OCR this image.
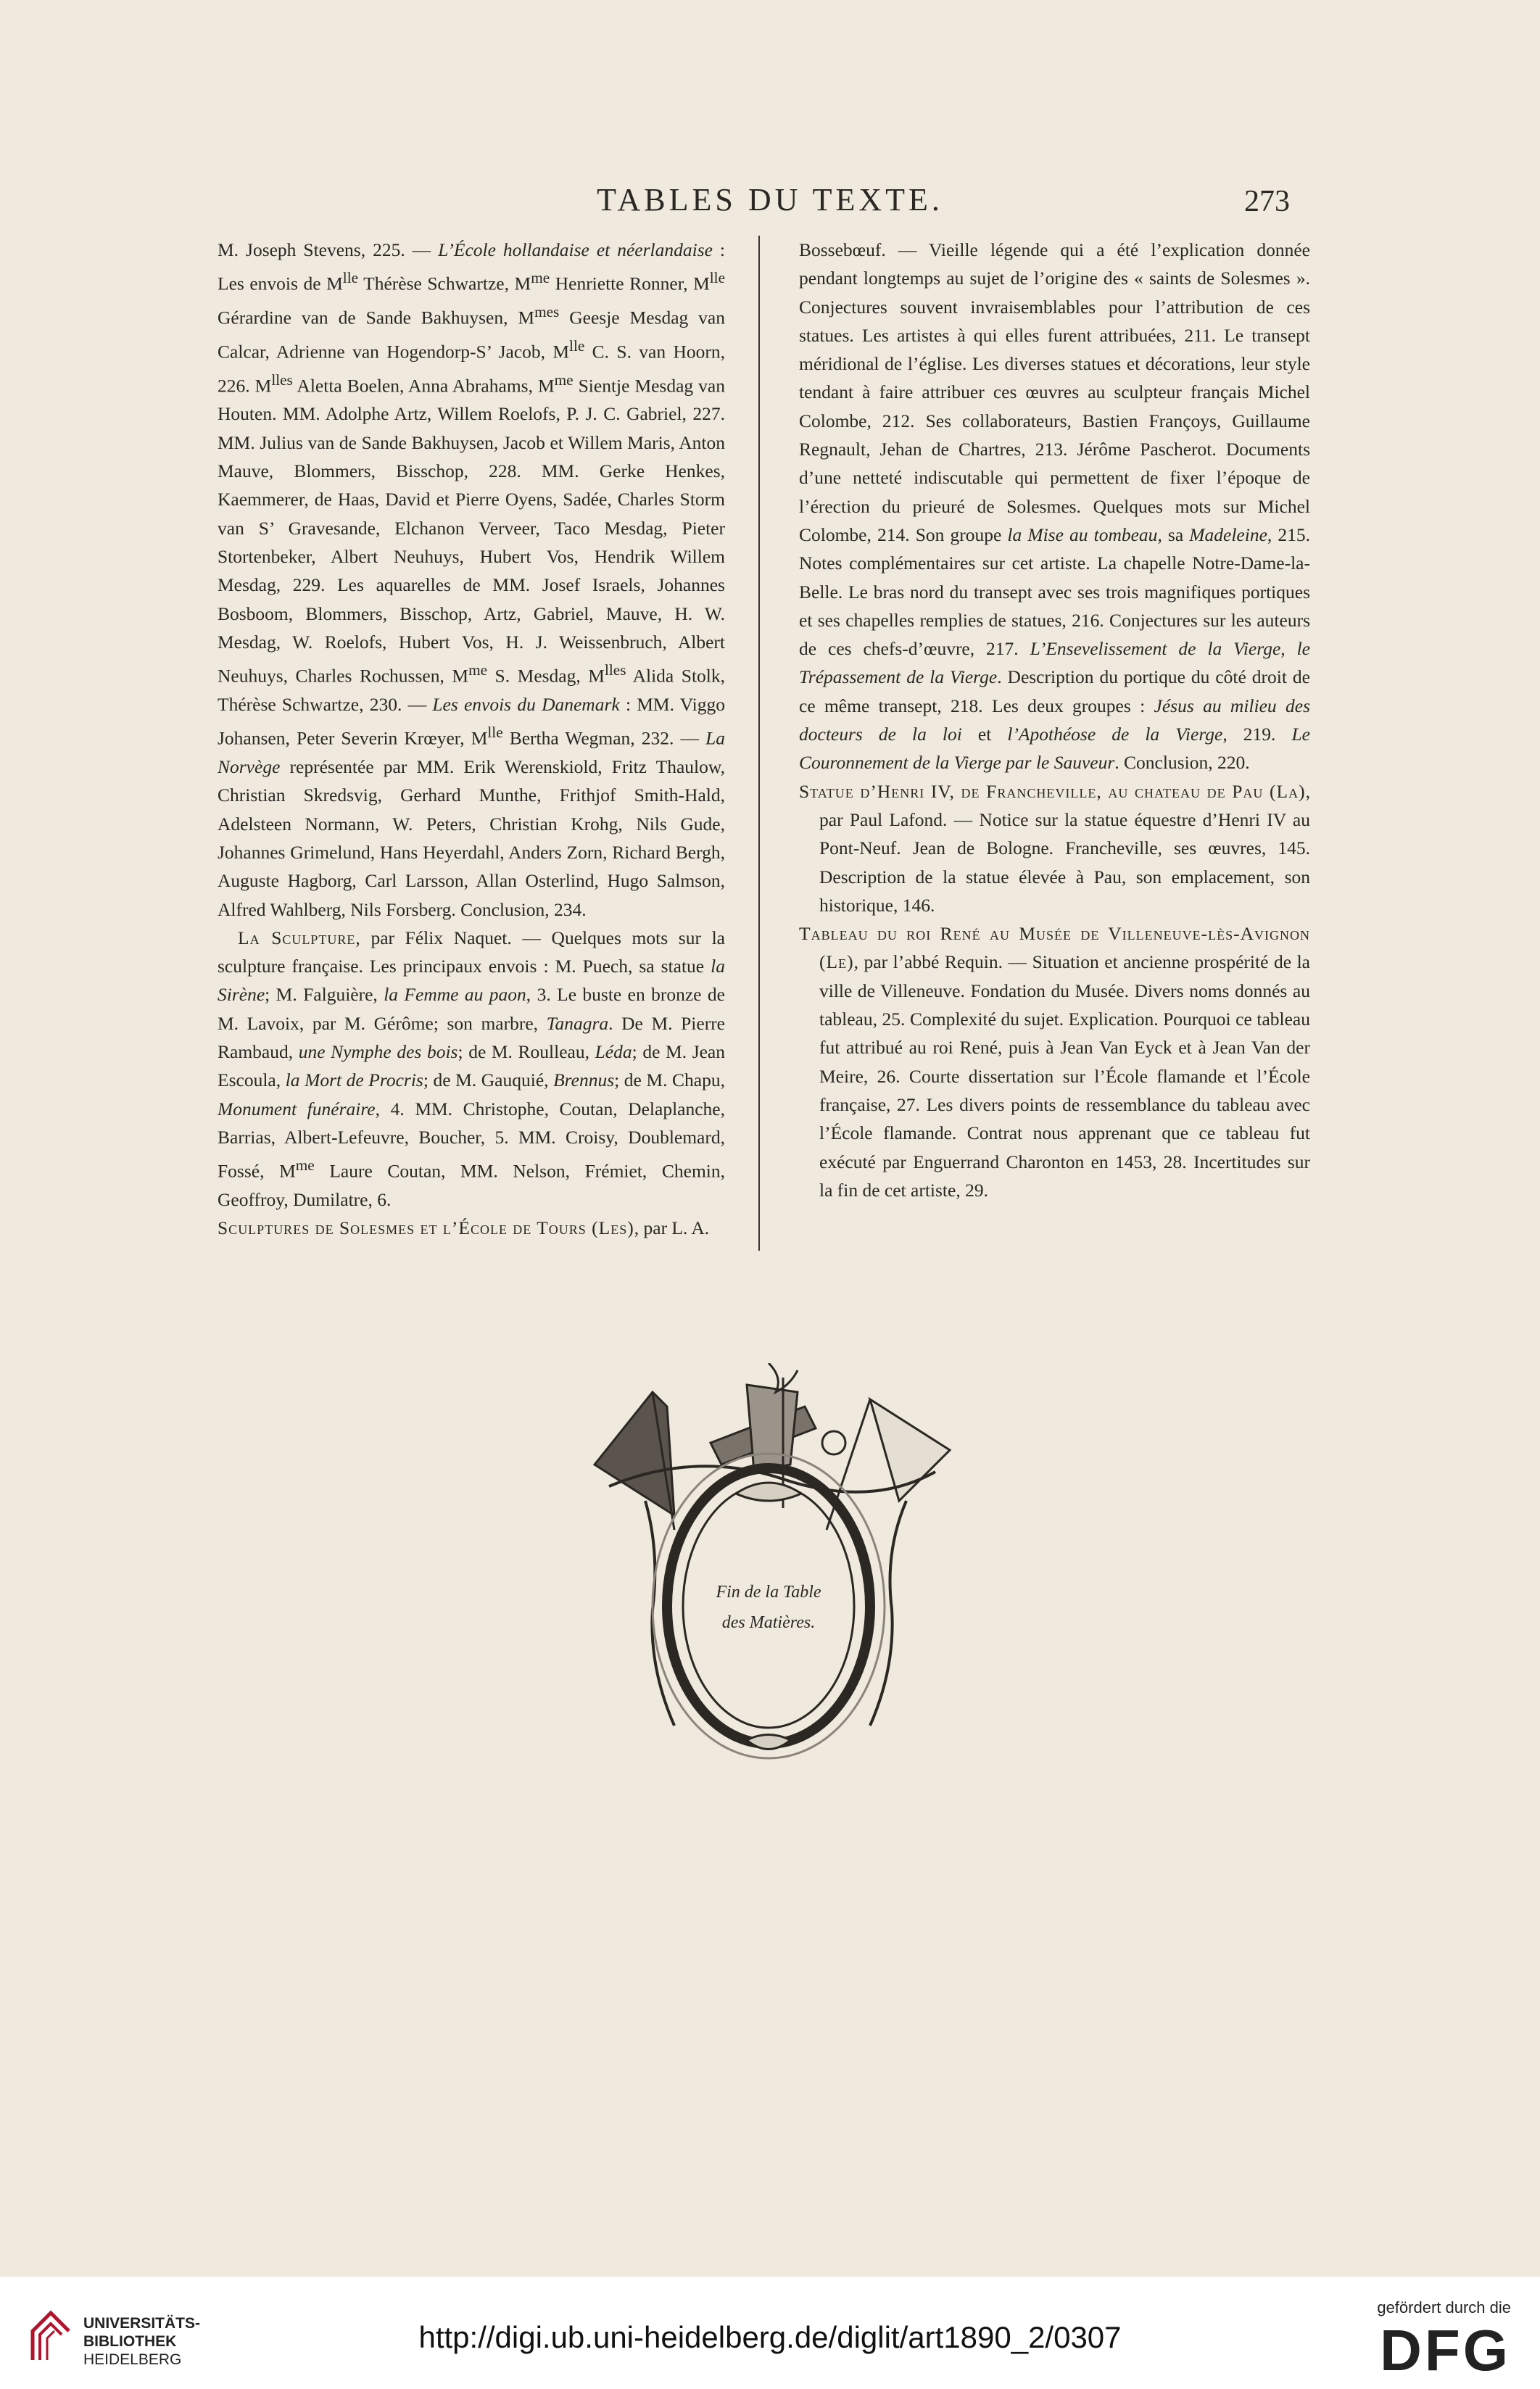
TABLES DU TEXTE.	273

M. Joseph Stevens, 225. — L’École hollandaise et néerlandaise : Les envois de $M^{lle}$ Thérèse Schwartze, $M^{me}$ Henriette Ronner, $M^{lle}$ Gérardine van de Sande Bakhuysen, $M^{mes}$ Geesje Mesdag van Calcar, Adrienne van Hogendorp-S’ Jacob, $M^{lle}$ C. S. van Hoorn, 226. $M^{lles}$ Aletta Boelen, Anna Abrahams, $M^{me}$ Sientje Mesdag van Houten. MM. Adolphe Artz, Willem Roelofs, P. J. C. Gabriel, 227. MM. Julius van de Sande Bakhuysen, Jacob et Willem Maris, Anton Mauve, Blommers, Bisschop, 228. MM. Gerke Henkes, Kaemmerer, de Haas, David et Pierre Oyens, Sadée, Charles Storm van S’ Gravesande, Elchanon Verveer, Taco Mesdag, Pieter Stortenbeker, Albert Neuhuys, Hubert Vos, Hendrik Willem Mesdag, 229. Les aquarelles de MM. Josef Israels, Johannes Bosboom, Blommers, Bisschop, Artz, Gabriel, Mauve, H. W. Mesdag, W. Roelofs, Hubert Vos, H. J. Weissenbruch, Albert Neuhuys, Charles Rochussen, $M^{me}$ S. Mesdag, $M^{lles}$ Alida Stolk, Thérèse Schwartze, 230. — Les envois du Danemark : MM. Viggo Johansen, Peter Severin Krœyer, $M^{lle}$ Bertha Wegman, 232. — La Norvège représentée par MM. Erik Werenskiold, Fritz Thaulow, Christian Skredsvig, Gerhard Munthe, Frithjof Smith-Hald, Adelsteen Normann, W. Peters, Christian Krohg, Nils Gude, Johannes Grimelund, Hans Heyerdahl, Anders Zorn, Richard Bergh, Auguste Hagborg, Carl Larsson, Allan Osterlind, Hugo Salmson, Alfred Wahlberg, Nils Forsberg. Conclusion, 234.

La Sculpture, par Félix Naquet. — Quelques mots sur la sculpture française. Les principaux envois : M. Puech, sa statue la Sirène; M. Falguière, la Femme au paon, 3. Le buste en bronze de M. Lavoix, par M. Gérôme; son marbre, Tanagra. De M. Pierre Rambaud, une Nymphe des bois; de M. Roulleau, Léda; de M. Jean Escoula, la Mort de Procris; de M. Gauquié, Brennus; de M. Chapu, Monument funéraire, 4. MM. Christophe, Coutan, Delaplanche, Barrias, Albert-Lefeuvre, Boucher, 5. MM. Croisy, Doublemard, Fossé, $M^{me}$ Laure Coutan, MM. Nelson, Frémiet, Chemin, Geoffroy, Dumilatre, 6.

Sculptures de Solesmes et l’École de Tours (Les), par L. A.

Bossebœuf. — Vieille légende qui a été l’explication donnée pendant longtemps au sujet de l’origine des « saints de Solesmes ». Conjectures souvent invraisemblables pour l’attribution de ces statues. Les artistes à qui elles furent attribuées, 211. Le transept méridional de l’église. Les diverses statues et décorations, leur style tendant à faire attribuer ces œuvres au sculpteur français Michel Colombe, 212. Ses collaborateurs, Bastien Françoys, Guillaume Regnault, Jehan de Chartres, 213. Jérôme Pascherot. Documents d’une netteté indiscutable qui permettent de fixer l’époque de l’érection du prieuré de Solesmes. Quelques mots sur Michel Colombe, 214. Son groupe la Mise au tombeau, sa Madeleine, 215. Notes complémentaires sur cet artiste. La chapelle Notre-Dame-la-Belle. Le bras nord du transept avec ses trois magnifiques portiques et ses chapelles remplies de statues, 216. Conjectures sur les auteurs de ces chefs-d’œuvre, 217. L’Ensevelissement de la Vierge, le Trépassement de la Vierge. Description du portique du côté droit de ce même transept, 218. Les deux groupes : Jésus au milieu des docteurs de la loi et l’Apothéose de la Vierge, 219. Le Couronnement de la Vierge par le Sauveur. Conclusion, 220.

Statue d’Henri IV, de Francheville, au chateau de Pau (La), par Paul Lafond. — Notice sur la statue équestre d’Henri IV au Pont-Neuf. Jean de Bologne. Francheville, ses œuvres, 145. Description de la statue élevée à Pau, son emplacement, son historique, 146.

Tableau du roi René au Musée de Villeneuve-lès-Avignon (Le), par l’abbé Requin. — Situation et ancienne prospérité de la ville de Villeneuve. Fondation du Musée. Divers noms donnés au tableau, 25. Complexité du sujet. Explication. Pourquoi ce tableau fut attribué au roi René, puis à Jean Van Eyck et à Jean Van der Meire, 26. Courte dissertation sur l’École flamande et l’École française, 27. Les divers points de ressemblance du tableau avec l’École flamande. Contrat nous apprenant que ce tableau fut exécuté par Enguerrand Charonton en 1453, 28. Incertitudes sur la fin de cet artiste, 29.

Fin de la Table
des Matières.
UNIVERSITÄTS-
BIBLIOTHEK
HEIDELBERG
http://digi.ub.uni-heidelberg.de/diglit/art1890_2/0307
gefördert durch die
DFG
